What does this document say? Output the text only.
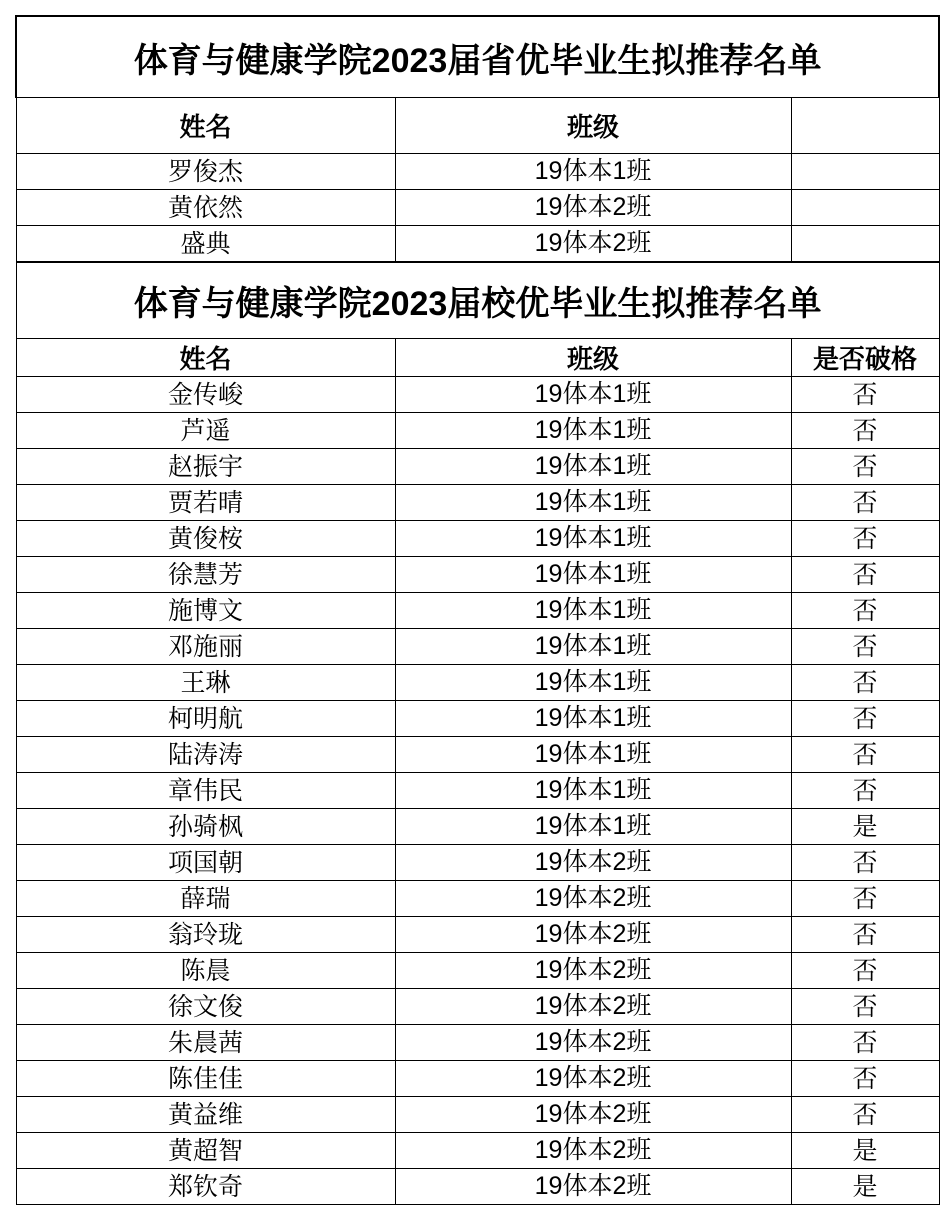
体育与健康学院2023届省优毕业生拟推荐名单		
姓名	班级	
罗俊杰	19体本1班	
黄依然	19体本2班	
盛典	19体本2班	
体育与健康学院2023届校优毕业生拟推荐名单		
姓名	班级	是否破格
金传峻	19体本1班	否
芦遥	19体本1班	否
赵振宇	19体本1班	否
贾若晴	19体本1班	否
黄俊桉	19体本1班	否
徐慧芳	19体本1班	否
施博文	19体本1班	否
邓施丽	19体本1班	否
王琳	19体本1班	否
柯明航	19体本1班	否
陆涛涛	19体本1班	否
章伟民	19体本1班	否
孙骑枫	19体本1班	是
项国朝	19体本2班	否
薛瑞	19体本2班	否
翁玲珑	19体本2班	否
陈晨	19体本2班	否
徐文俊	19体本2班	否
朱晨茜	19体本2班	否
陈佳佳	19体本2班	否
黄益维	19体本2班	否
黄超智	19体本2班	是
郑钦奇	19体本2班	是
